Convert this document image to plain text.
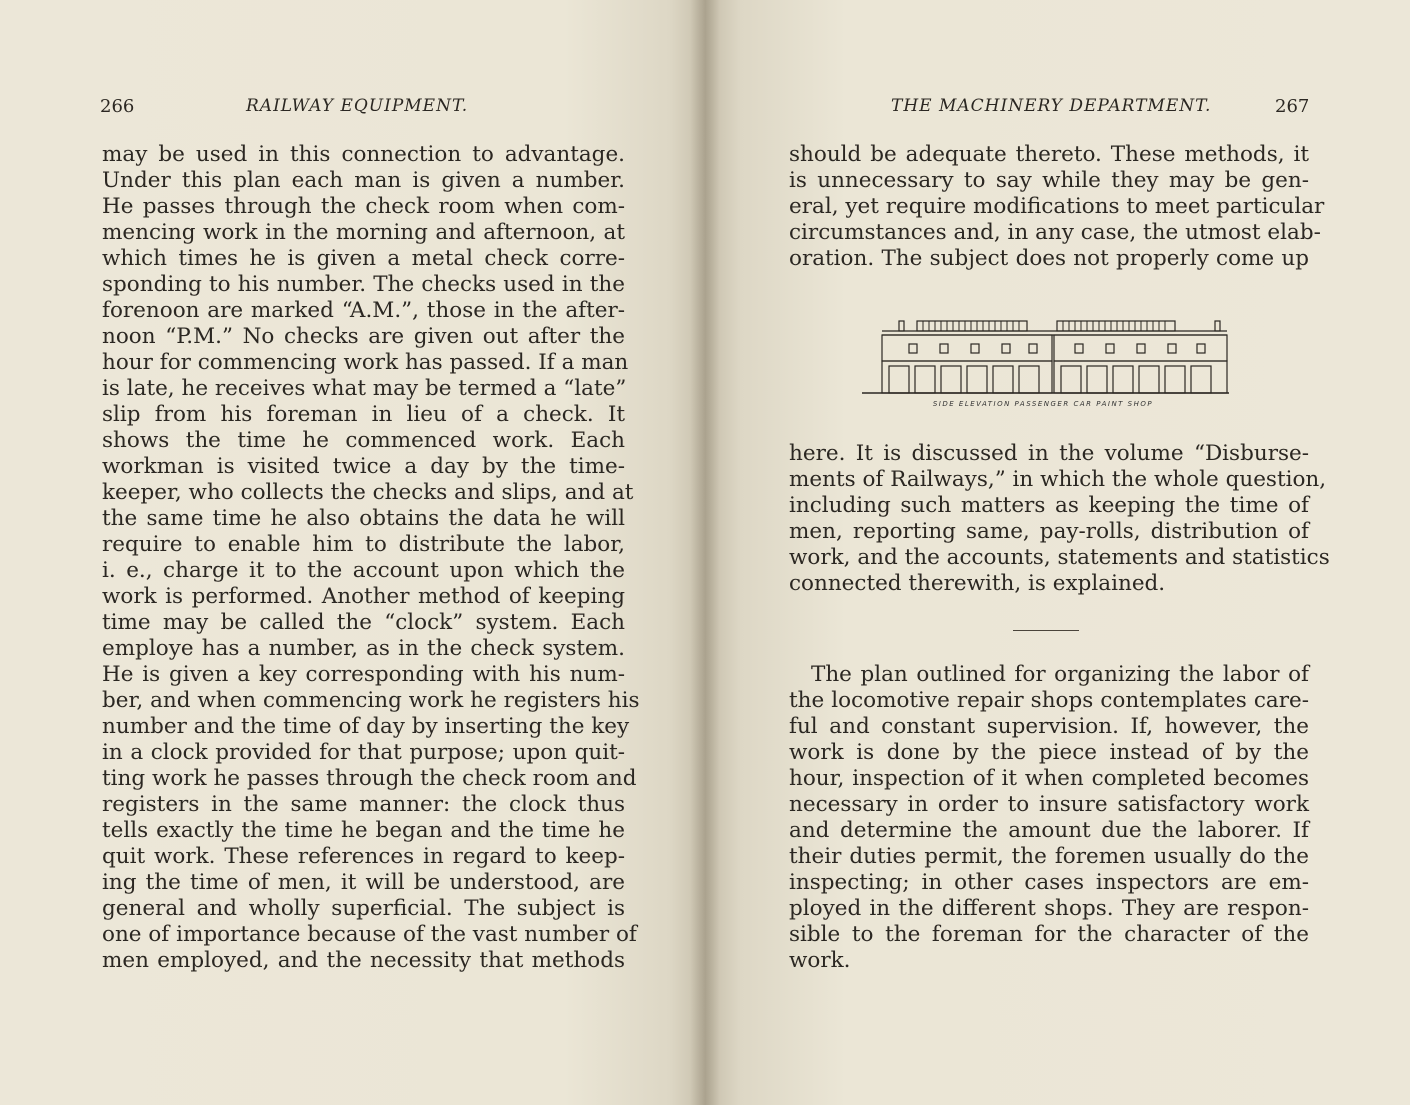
266	RAILWAY EQUIPMENT.
may be used in this connection to advantage.
Under this plan each man is given a number.
He passes through the check room when com-
mencing work in the morning and afternoon, at
which times he is given a metal check corre-
sponding to his number. The checks used in the
forenoon are marked “A.M.”, those in the after-
noon “P.M.” No checks are given out after the
hour for commencing work has passed. If a man
is late, he receives what may be termed a “late”
slip from his foreman in lieu of a check. It
shows the time he commenced work. Each
workman is visited twice a day by the time-
keeper, who collects the checks and slips, and at
the same time he also obtains the data he will
require to enable him to distribute the labor,
i. e., charge it to the account upon which the
work is performed. Another method of keeping
time may be called the “clock” system. Each
employe has a number, as in the check system.
He is given a key corresponding with his num-
ber, and when commencing work he registers his
number and the time of day by inserting the key
in a clock provided for that purpose; upon quit-
ting work he passes through the check room and
registers in the same manner: the clock thus
tells exactly the time he began and the time he
quit work. These references in regard to keep-
ing the time of men, it will be understood, are
general and wholly superficial. The subject is
one of importance because of the vast number of
men employed, and the necessity that methods
THE MACHINERY DEPARTMENT.	267
should be adequate thereto. These methods, it
is unnecessary to say while they may be gen-
eral, yet require modifications to meet particular
circumstances and, in any case, the utmost elab-
oration. The subject does not properly come up
SIDE ELEVATION PASSENGER CAR PAINT SHOP
here. It is discussed in the volume “Disburse-
ments of Railways,” in which the whole question,
including such matters as keeping the time of
men, reporting same, pay-rolls, distribution of
work, and the accounts, statements and statistics
connected therewith, is explained.
The plan outlined for organizing the labor of
the locomotive repair shops contemplates care-
ful and constant supervision. If, however, the
work is done by the piece instead of by the
hour, inspection of it when completed becomes
necessary in order to insure satisfactory work
and determine the amount due the laborer. If
their duties permit, the foremen usually do the
inspecting; in other cases inspectors are em-
ployed in the different shops. They are respon-
sible to the foreman for the character of the
work.
